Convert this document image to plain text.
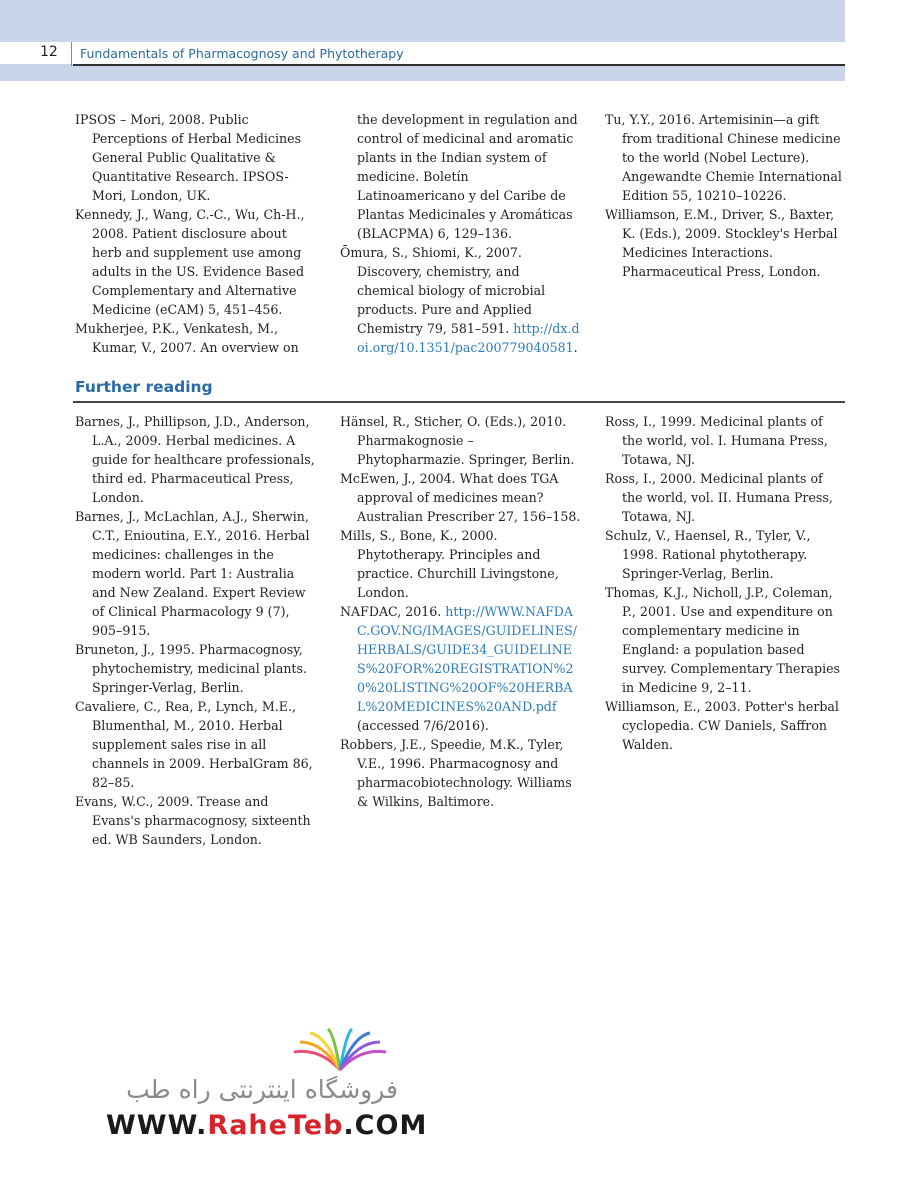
12 Fundamentals of Pharmacognosy and Phytotherapy

IPSOS – Mori, 2008. Public Perceptions of Herbal Medicines General Public Qualitative & Quantitative Research. IPSOS-Mori, London, UK.

Kennedy, J., Wang, C.-C., Wu, Ch-H., 2008. Patient disclosure about herb and supplement use among adults in the US. Evidence Based Complementary and Alternative Medicine (eCAM) 5, 451–456.

Mukherjee, P.K., Venkatesh, M., Kumar, V., 2007. An overview on

the development in regulation and control of medicinal and aromatic plants in the Indian system of medicine. Boletín Latinoamericano y del Caribe de Plantas Medicinales y Aromáticas (BLACPMA) 6, 129–136.

Ōmura, S., Shiomi, K., 2007. Discovery, chemistry, and chemical biology of microbial products. Pure and Applied Chemistry 79, 581–591. http://dx.doi.org/10.1351/pac200779040581.

Tu, Y.Y., 2016. Artemisinin—a gift from traditional Chinese medicine to the world (Nobel Lecture). Angewandte Chemie International Edition 55, 10210–10226.

Williamson, E.M., Driver, S., Baxter, K. (Eds.), 2009. Stockley's Herbal Medicines Interactions. Pharmaceutical Press, London.

Further reading

Barnes, J., Phillipson, J.D., Anderson, L.A., 2009. Herbal medicines. A guide for healthcare professionals, third ed. Pharmaceutical Press, London.

Barnes, J., McLachlan, A.J., Sherwin, C.T., Enioutina, E.Y., 2016. Herbal medicines: challenges in the modern world. Part 1: Australia and New Zealand. Expert Review of Clinical Pharmacology 9 (7), 905–915.

Bruneton, J., 1995. Pharmacognosy, phytochemistry, medicinal plants. Springer-Verlag, Berlin.

Cavaliere, C., Rea, P., Lynch, M.E., Blumenthal, M., 2010. Herbal supplement sales rise in all channels in 2009. HerbalGram 86, 82–85.

Evans, W.C., 2009. Trease and Evans's pharmacognosy, sixteenth ed. WB Saunders, London.

Hänsel, R., Sticher, O. (Eds.), 2010. Pharmakognosie – Phytopharmazie. Springer, Berlin.

McEwen, J., 2004. What does TGA approval of medicines mean? Australian Prescriber 27, 156–158.

Mills, S., Bone, K., 2000. Phytotherapy. Principles and practice. Churchill Livingstone, London.

NAFDAC, 2016. http://WWW.NAFDAC.GOV.NG/IMAGES/GUIDELINES/HERBALS/GUIDE34_GUIDELINES%20FOR%20REGISTRATION%20%20LISTING%20OF%20HERBAL%20MEDICINES%20AND.pdf (accessed 7/6/2016).

Robbers, J.E., Speedie, M.K., Tyler, V.E., 1996. Pharmacognosy and pharmacobiotechnology. Williams & Wilkins, Baltimore.

Ross, I., 1999. Medicinal plants of the world, vol. I. Humana Press, Totawa, NJ.

Ross, I., 2000. Medicinal plants of the world, vol. II. Humana Press, Totawa, NJ.

Schulz, V., Haensel, R., Tyler, V., 1998. Rational phytotherapy. Springer-Verlag, Berlin.

Thomas, K.J., Nicholl, J.P., Coleman, P., 2001. Use and expenditure on complementary medicine in England: a population based survey. Complementary Therapies in Medicine 9, 2–11.

Williamson, E., 2003. Potter's herbal cyclopedia. CW Daniels, Saffron Walden.

فروشگاه اینترنتی راه طب
WWW.RaheTeb.COM
